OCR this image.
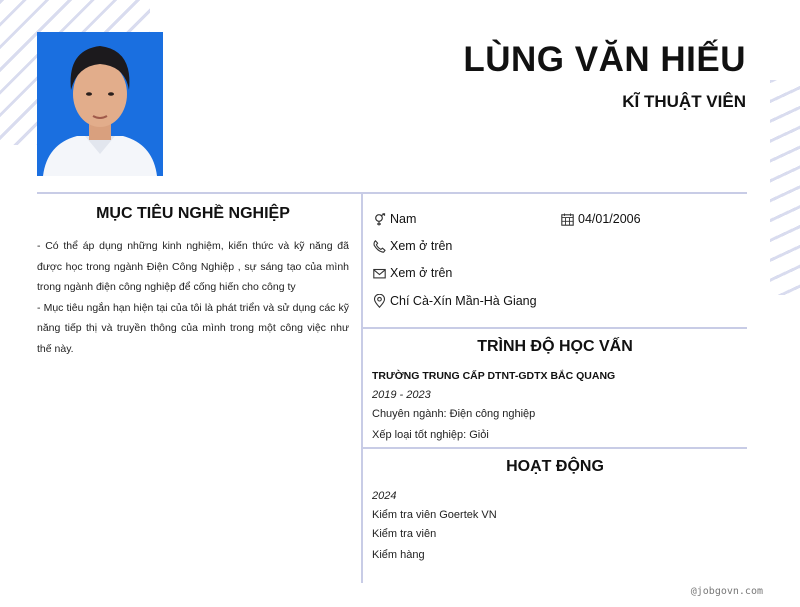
LÙNG VĂN HIẾU
KĨ THUẬT VIÊN
MỤC TIÊU NGHỀ NGHIỆP

- Có thể áp dụng những kinh nghiệm, kiến thức và kỹ năng đã được học trong ngành Điện Công Nghiệp , sự sáng tạo của mình trong ngành điện công nghiệp để cống hiến cho công ty

- Mục tiêu ngắn hạn hiện tại của tôi là phát triển và sử dụng các kỹ năng tiếp thị và truyền thông của mình trong một công việc như thế này.

Nam	04/01/2006
Xem ở trên
Xem ở trên
Chí Cà-Xín Mần-Hà Giang
TRÌNH ĐỘ HỌC VẤN
TRƯỜNG TRUNG CẤP DTNT-GDTX BẮC QUANG
2019 - 2023
Chuyên ngành: Điện công nghiệp
Xếp loại tốt nghiệp: Giỏi
HOẠT ĐỘNG
2024
Kiểm tra viên Goertek VN
Kiểm tra viên
Kiểm hàng
@jobgovn.com
